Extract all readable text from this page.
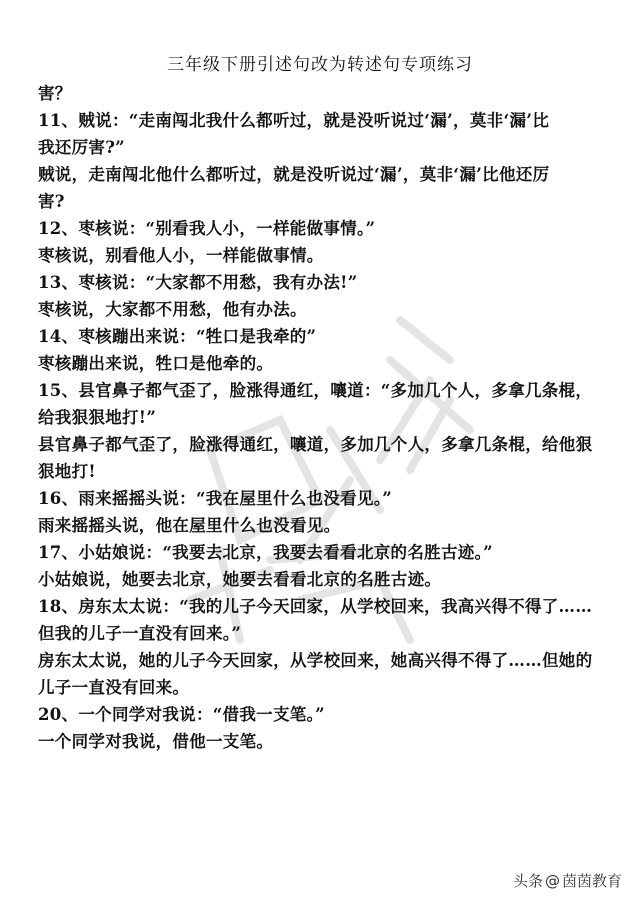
三年级下册引述句改为转述句专项练习
害？
11、贼说：“走南闯北我什么都听过，就是没听说过‘漏’，莫非‘漏’比
我还厉害?”
贼说，走南闯北他什么都听过，就是没听说过‘漏’，莫非‘漏’比他还厉
害?
12、枣核说：“别看我人小，一样能做事情。”
枣核说，别看他人小，一样能做事情。
13、枣核说：“大家都不用愁，我有办法!”
枣核说，大家都不用愁，他有办法。
14、枣核蹦出来说：“牲口是我牵的”
枣核蹦出来说，牲口是他牵的。
15、县官鼻子都气歪了，脸涨得通红，嚷道：“多加几个人，多拿几条棍，
给我狠狠地打!”
县官鼻子都气歪了，脸涨得通红，嚷道，多加几个人，多拿几条棍，给他狠
狠地打!
16、雨来摇摇头说：“我在屋里什么也没看见。”
雨来摇摇头说，他在屋里什么也没看见。
17、小姑娘说：“我要去北京，我要去看看北京的名胜古迹。”
小姑娘说，她要去北京，她要去看看北京的名胜古迹。
18、房东太太说：“我的儿子今天回家，从学校回来，我高兴得不得了……
但我的儿子一直没有回来。”
房东太太说，她的儿子今天回家，从学校回来，她高兴得不得了……但她的
儿子一直没有回来。
20、一个同学对我说：“借我一支笔。”
一个同学对我说，借他一支笔。
头条 @ 茵茵教育
